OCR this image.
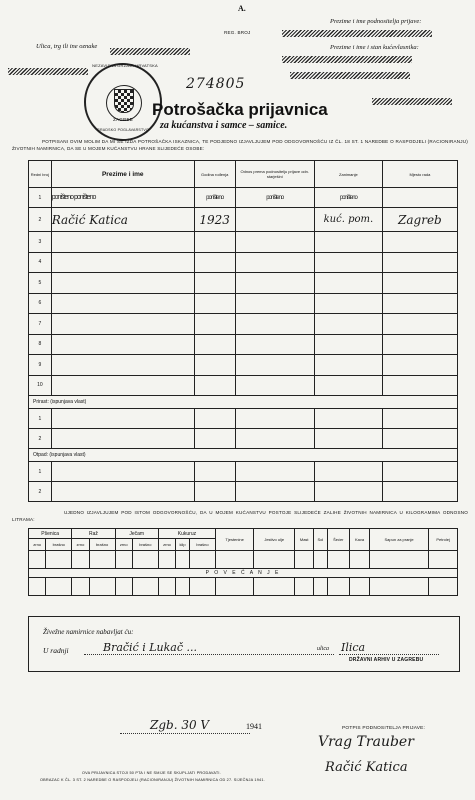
A.
REG. BROJ
Prezime i ime podnositelja prijave:
Prezime i ime i stan kućevlasnika:
Ulica, trg ili ine oznake
274805
NEZAVISNA DRŽAVA HRVATSKA
ZAGREB
GRADSKO POGLAVARSTVO
Potrošačka prijavnica
za kućanstva i samce – samice.
POTPISANI OVIM MOLIM DA MI SE IZDA POTROŠAČKA ISKAZNICA, TE PODJEDNO IZJAVLJUJEM POD ODGOVORNOŠĆU IZ ČL. 18 ST. 1 NAREDBE O RASPODJELI (RACIONIRANJU) ŽIVOTNIH NAMIRNICA, DA SE U MOJEM KUĆANSTVU HRANE SLIJEDEĆE OSOBE:
Redni broj	Prezime i ime	Godina rođenja	Odnos prema podnositelju prijave odn. starješini	Zanimanje	Mjesto rada
1	poništeno poništeno	poništeno	poništeno	poništeno	
2	Račić Katica	1923		kuć. pom.	Zagreb
3					
4					
5					
6					
7					
8					
9					
10					
Prirast: (ispunjava vlast)					
1					
2					
Otpad: (ispunjava vlast)					
1					
2					
UJEDNO IZJAVLJUJEM POD ISTOM ODGOVORNOŠĆU, DA U MOJEM KUĆANSTVU POSTOJE SLIJEDEĆE ZALIHE ŽIVOTNIH NAMIRNICA U KILOGRAMIMA ODNOSNO LITRAMA:
Pšenica		Raž		Ječam		Kukuruz			Tjestenine	Jestivo ulje	Mast	Sol	Šećer	Kava	Sapun za pranje	Petrolej
zrno	brašno	zrno	brašno	zrno	brašno	zrno	klip	brašno								

P O V E Ć A N J E																

Živežne namirnice nabavljat ću:
U radnji	Bračić i Lukač ...	ulica Ilica
DRŽAVNI ARHIV U ZAGREBU
Zgb. 30 V	1941	POTPIS PODNOSITELJA PRIJAVE:
Vrag Trauber
Račić Katica
OVA PRIJAVNICA STOJI 50 PTA I NE SMIJE SE SKUPLJATI PRODAVATI.
OBRAZAC K ČL. 3 ST. 2 NAREDBE O RASPODJELI (RACIONIRANJU) ŽIVOTNIH NAMIRNICA OD 27. SIJEČNJA 1941.
